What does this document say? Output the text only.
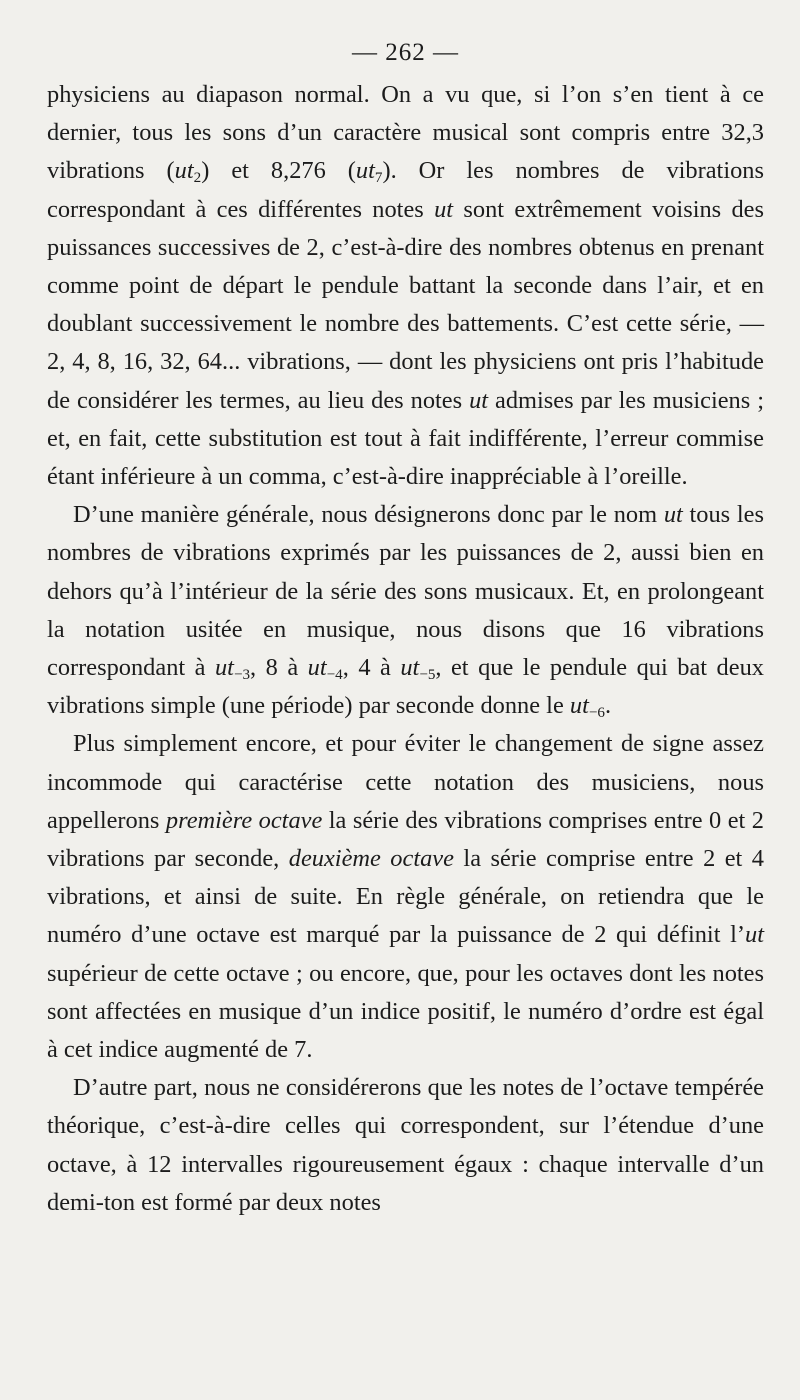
— 262 —

physiciens au diapason normal. On a vu que, si l’on s’en tient à ce dernier, tous les sons d’un caractère musical sont compris entre 32,3 vibrations $(ut_2)$ et 8,276 $(ut_7)$. Or les nombres de vibrations correspondant à ces différentes notes ut sont extrêmement voisins des puissances successives de 2, c’est-à-dire des nombres obtenus en prenant comme point de départ le pendule battant la seconde dans l’air, et en doublant successivement le nombre des battements. C’est cette série, — 2, 4, 8, 16, 32, 64... vibrations, — dont les physiciens ont pris l’habitude de considérer les termes, au lieu des notes ut admises par les musiciens ; et, en fait, cette substitution est tout à fait indifférente, l’erreur commise étant inférieure à un comma, c’est-à-dire inappréciable à l’oreille.

D’une manière générale, nous désignerons donc par le nom ut tous les nombres de vibrations exprimés par les puissances de 2, aussi bien en dehors qu’à l’intérieur de la série des sons musicaux. Et, en prolongeant la notation usitée en musique, nous disons que 16 vibrations correspondant à $ut_{-3}$, 8 à $ut_{-4}$, 4 à $ut_{-5}$, et que le pendule qui bat deux vibrations simple (une période) par seconde donne le $ut_{-6}$.

Plus simplement encore, et pour éviter le changement de signe assez incommode qui caractérise cette notation des musiciens, nous appellerons première octave la série des vibrations comprises entre 0 et 2 vibrations par seconde, deuxième octave la série comprise entre 2 et 4 vibrations, et ainsi de suite. En règle générale, on retiendra que le numéro d’une octave est marqué par la puissance de 2 qui définit l’ut supérieur de cette octave ; ou encore, que, pour les octaves dont les notes sont affectées en musique d’un indice positif, le numéro d’ordre est égal à cet indice augmenté de 7.

D’autre part, nous ne considérerons que les notes de l’octave tempérée théorique, c’est-à-dire celles qui correspondent, sur l’étendue d’une octave, à 12 intervalles rigoureusement égaux : chaque intervalle d’un demi-ton est formé par deux notes
